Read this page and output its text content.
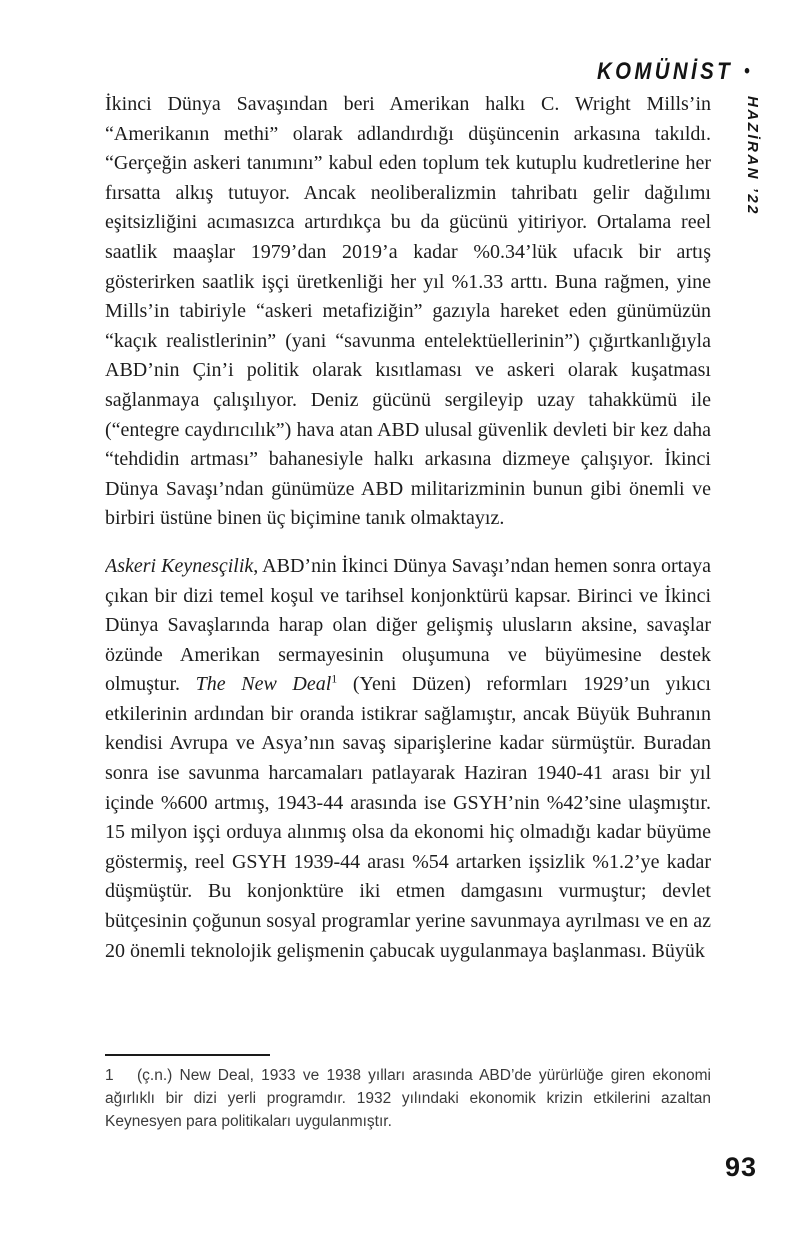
KOMÜNİST •
HAZİRAN ’22

İkinci Dünya Savaşından beri Amerikan halkı C. Wright Mills’in “Amerikanın methi” olarak adlandırdığı düşüncenin arkasına takıldı. “Gerçeğin askeri tanımını” kabul eden toplum tek kutuplu kudretlerine her fırsatta alkış tutuyor. Ancak neoliberalizmin tahribatı gelir dağılımı eşitsizliğini acımasızca artırdıkça bu da gücünü yitiriyor. Ortalama reel saatlik maaşlar 1979’dan 2019’a kadar %0.34’lük ufacık bir artış gösterirken saatlik işçi üretkenliği her yıl %1.33 arttı. Buna rağmen, yine Mills’in tabiriyle “askeri metafiziğin” gazıyla hareket eden günümüzün “kaçık realistlerinin” (yani “savunma entelektüellerinin”) çığırtkanlığıyla ABD’nin Çin’i politik olarak kısıtlaması ve askeri olarak kuşatması sağlanmaya çalışılıyor. Deniz gücünü sergileyip uzay tahakkümü ile (“entegre caydırıcılık”) hava atan ABD ulusal güvenlik devleti bir kez daha “tehdidin artması” bahanesiyle halkı arkasına dizmeye çalışıyor. İkinci Dünya Savaşı’ndan günümüze ABD militarizminin bunun gibi önemli ve birbiri üstüne binen üç biçimine tanık olmaktayız.

Askeri Keynesçilik, ABD’nin İkinci Dünya Savaşı’ndan hemen sonra ortaya çıkan bir dizi temel koşul ve tarihsel konjonktürü kapsar. Birinci ve İkinci Dünya Savaşlarında harap olan diğer gelişmiş ulusların aksine, savaşlar özünde Amerikan sermayesinin oluşumuna ve büyümesine destek olmuştur. The New Deal$^1$ (Yeni Düzen) reformları 1929’un yıkıcı etkilerinin ardından bir oranda istikrar sağlamıştır, ancak Büyük Buhranın kendisi Avrupa ve Asya’nın savaş siparişlerine kadar sürmüştür. Buradan sonra ise savunma harcamaları patlayarak Haziran 1940-41 arası bir yıl içinde %600 artmış, 1943-44 arasında ise GSYH’nin %42’sine ulaşmıştır. 15 milyon işçi orduya alınmış olsa da ekonomi hiç olmadığı kadar büyüme göstermiş, reel GSYH 1939-44 arası %54 artarken işsizlik %1.2’ye kadar düşmüştür. Bu konjonktüre iki etmen damgasını vurmuştur; devlet bütçesinin çoğunun sosyal programlar yerine savunmaya ayrılması ve en az 20 önemli teknolojik gelişmenin çabucak uygulanmaya başlanması. Büyük

1 (ç.n.) New Deal, 1933 ve 1938 yılları arasında ABD’de yürürlüğe giren ekonomi ağırlıklı bir dizi yerli programdır. 1932 yılındaki ekonomik krizin etkilerini azaltan Keynesyen para politikaları uygulanmıştır.

93
